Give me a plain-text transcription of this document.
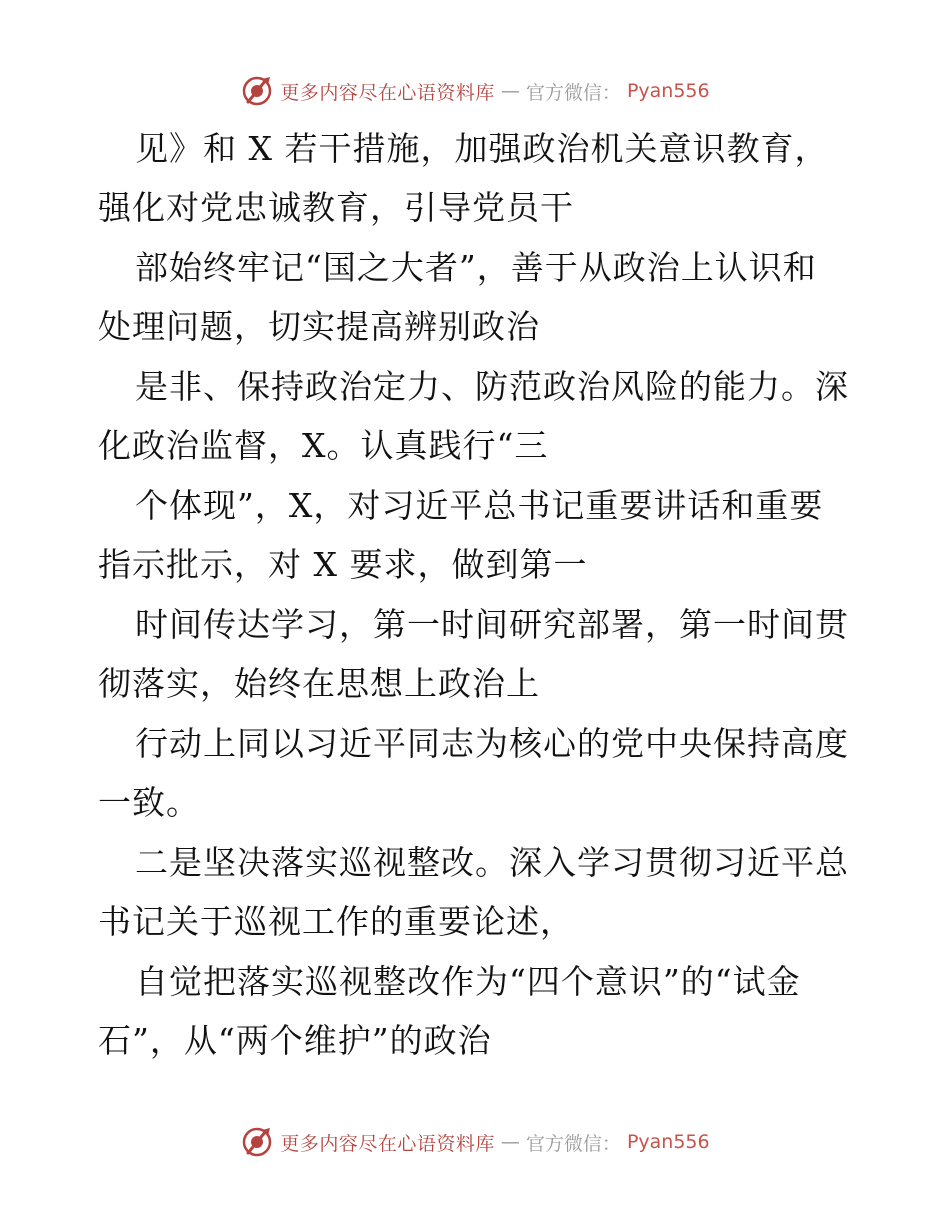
更多内容尽在心语资料库 — 官方微信： Pyan556
见》和 X 若干措施，加强政治机关意识教育，
强化对党忠诚教育，引导党员干
部始终牢记“国之大者”，善于从政治上认识和
处理问题，切实提高辨别政治
是非、保持政治定力、防范政治风险的能力。深
化政治监督，X。认真践行“三
个体现”，X，对习近平总书记重要讲话和重要
指示批示，对 X 要求，做到第一
时间传达学习，第一时间研究部署，第一时间贯
彻落实，始终在思想上政治上
行动上同以习近平同志为核心的党中央保持高度
一致。
二是坚决落实巡视整改。深入学习贯彻习近平总
书记关于巡视工作的重要论述，
自觉把落实巡视整改作为“四个意识”的“试金
石”，从“两个维护”的政治
更多内容尽在心语资料库 — 官方微信： Pyan556
